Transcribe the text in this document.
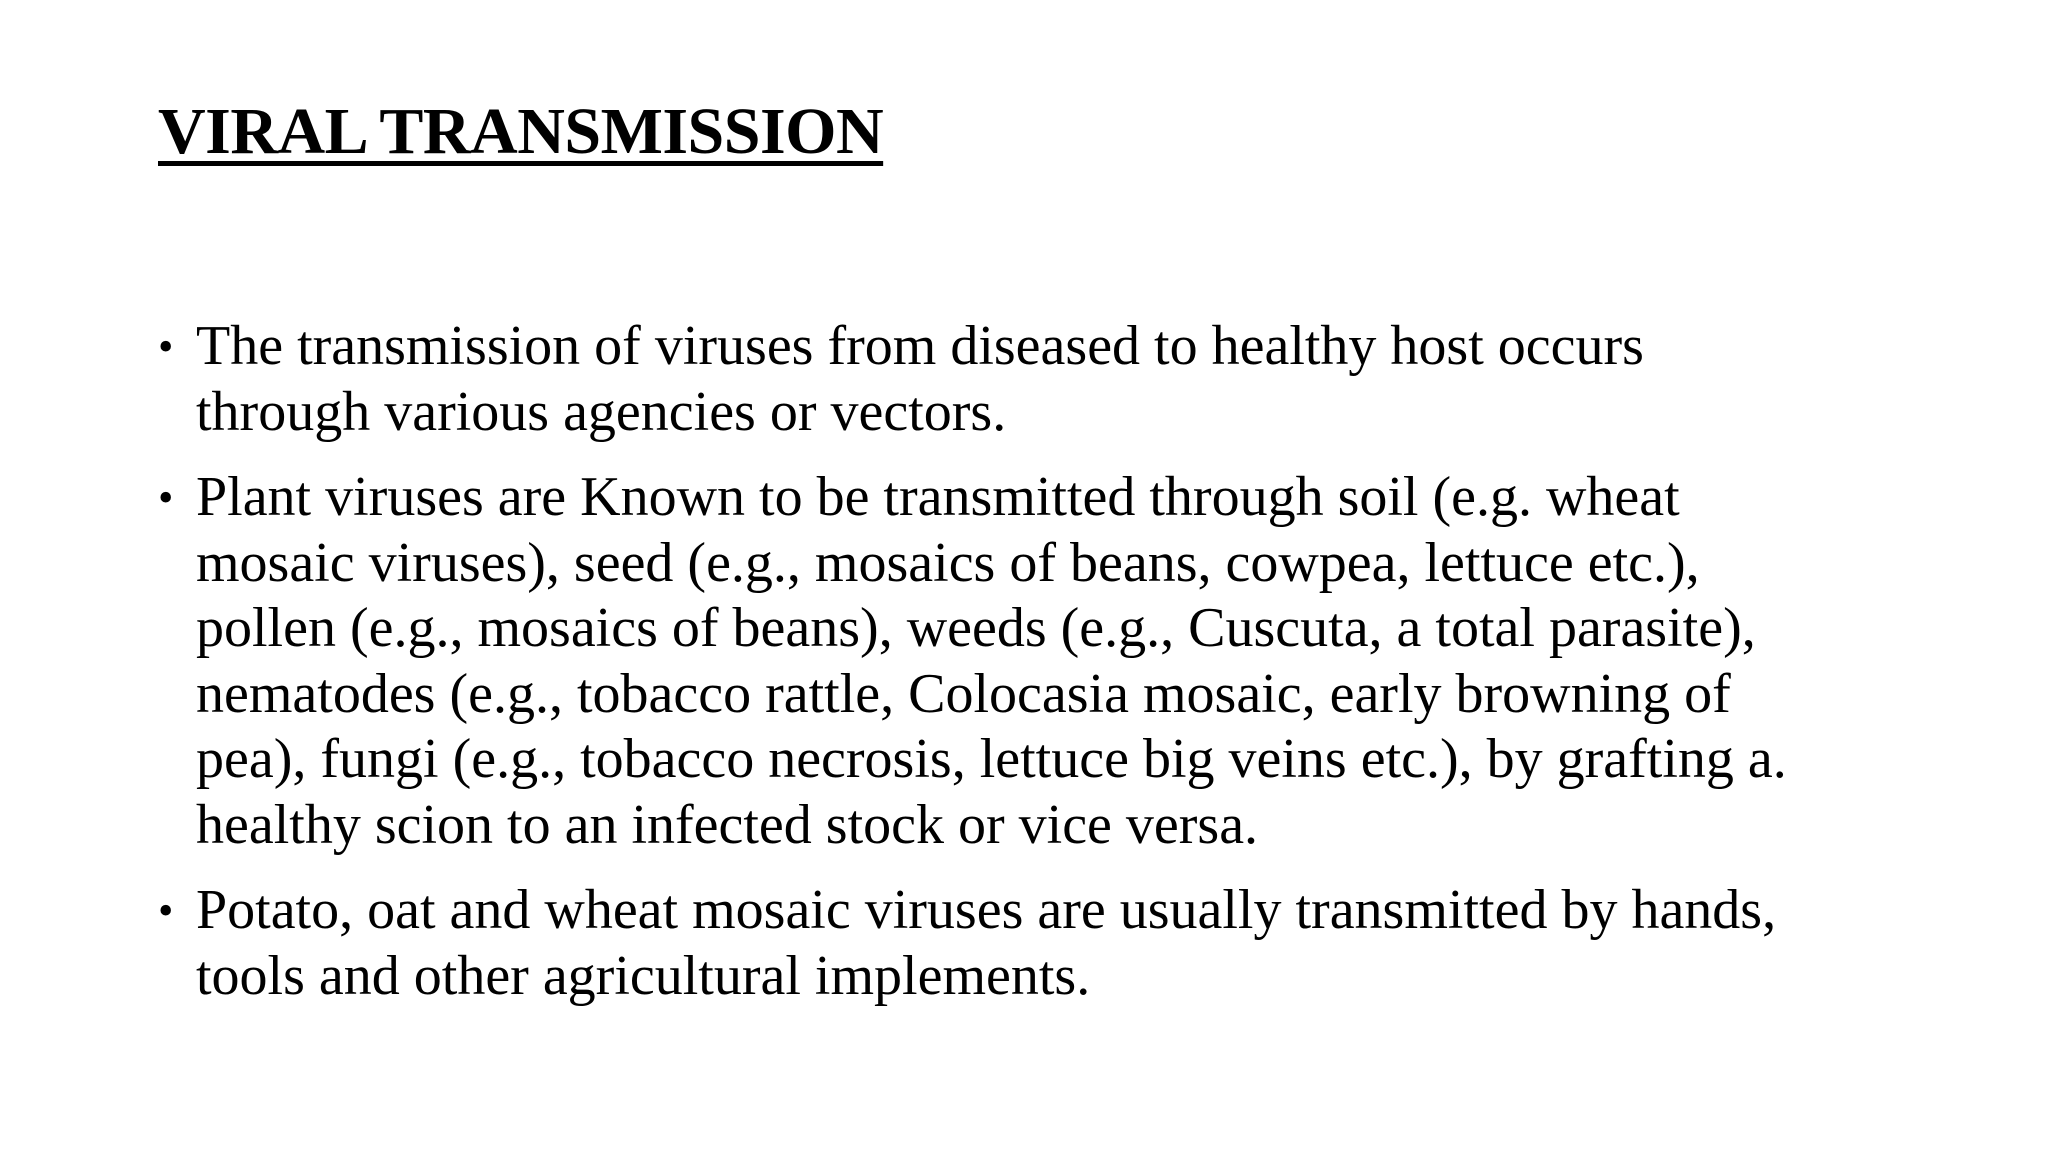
VIRAL TRANSMISSION
• The transmission of viruses from diseased to healthy host occurs
through various agencies or vectors.
• Plant viruses are Known to be transmitted through soil (e.g. wheat
mosaic viruses), seed (e.g., mosaics of beans, cowpea, lettuce etc.),
pollen (e.g., mosaics of beans), weeds (e.g., Cuscuta, a total parasite),
nematodes (e.g., tobacco rattle, Colocasia mosaic, early browning of
pea), fungi (e.g., tobacco necrosis, lettuce big veins etc.), by grafting a.
healthy scion to an infected stock or vice versa.
• Potato, oat and wheat mosaic viruses are usually transmitted by hands,
tools and other agricultural implements.
